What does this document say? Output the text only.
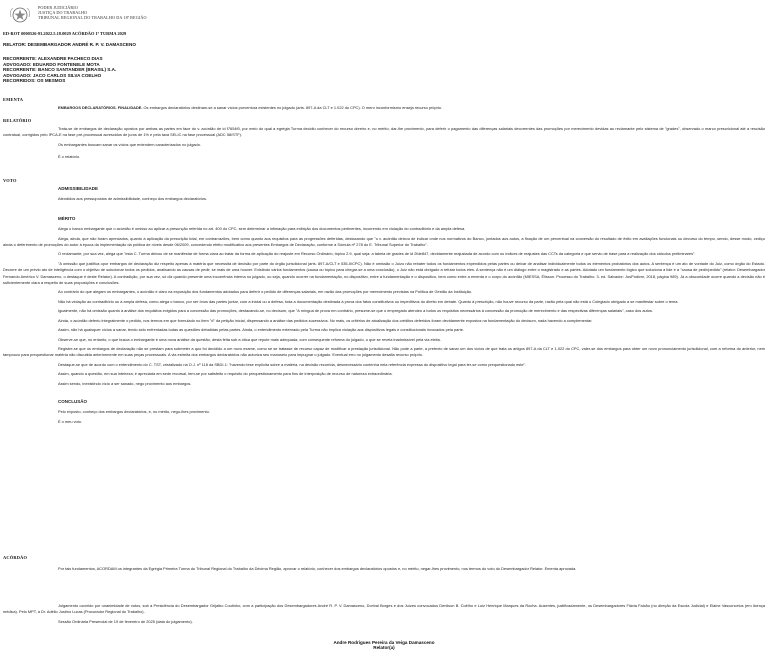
PODER JUDICIÁRIO
JUSTIÇA DO TRABALHO
TRIBUNAL REGIONAL DO TRABALHO DA 18ª REGIÃO
ED-ROT 0000526-93.2022.5.18.0029 ACÓRDÃO 1ª TURMA 2029
RELATOR: DESEMBARGADOR ANDRÉ R. P. V. DAMASCENO
RECORRENTE: ALEXANDRE PACHECO DIAS
ADVOGADO: EDUARDO FONTENELE MOTA
RECORRENTE: BANCO SANTANDER (BRASIL) S.A.
ADVOGADO: JACO CARLOS SILVA COELHO
RECORRIDOS: OS MESMOS
EMENTA
EMBARGOS DECLARATÓRIOS. FINALIDADE. Os embargos declaratórios destinam-se a sanar vícios porventura existentes no julgado (arts. 897-A da CLT e 1.022 do CPC). O mero inconformismo enseja recurso próprio.
RELATÓRIO
Trata-se de embargos de declaração opostos por ambas as partes em face do v. acórdão de id f7654f0, por meio do qual a egrégia Turma decidiu conhecer do recurso obreiro e, no mérito, dar-lhe provimento, para deferir o pagamento das diferenças salariais decorrentes das promoções por merecimento devidas ao reclamante pelo sistema de "grades", observado o marco prescricional até a rescisão contratual, corrigidos pelo IPCA-E na fase pré-processual acrescidos de juros de 1% e pela taxa SELIC na fase processual (ADC 58/STF).
Os embargantes buscam sanar os vícios que entendem caracterizados no julgado.
É o relatório.
VOTO
ADMISSIBILIDADE
Atendidos aos pressupostos de admissibilidade, conheço dos embargos declaratórios.
MÉRITO
Alega o banco embargante que o acórdão é omisso ao aplicar a presunção referida no art. 400 do CPC, sem determinar a intimação para exibição dos documentos pertinentes, incorrendo em violação do contraditório e da ampla defesa.
Alega, ainda, que não foram apreciados, quanto à aplicação da prescrição total, em contrarrazões, bem como quanto aos requisitos para as progressões deferidas, destacando que "o v. acórdão deixou de indicar onde nos normativos do Banco, juntados aos autos, a fixação de um percentual na conversão do resultado de êxito em avaliações funcionais ou decurso do tempo, sendo, desse modo, cediço ainda o deferimento de promoções do autor à época da implementação da política de níveis desde 06/2009, concedendo efeito modificativo aos presentes Embargos de Declaração, conforme a Súmula nº 278 do E. Tribunal Superior do Trabalho".
O reclamante, por sua vez, alega que "esta C. Turma deixou de se manifestar de forma clara ao tratar da forma de aplicação do reajuste em Recurso Ordinário, tópico 2.9, qual seja: a tabela de grades de id 2fde847, devidamente reajustada de acordo com os índices de reajustes das CCTs da categoria e que serviu de base para a realização dos cálculos preliminares".
"A omissão que justifica opor embargos de declaração diz respeito apenas à matéria que necessita de decisão por parte do órgão jurisdicional (arts. 897-A/CLT e 535-II/CPC). Não é omissão o Juízo não rebater todos os fundamentos expendidos pelas partes ou deixar de analisar individualmente todos os elementos probatórios dos autos. A sentença é um ato de vontade do Juiz, como órgão do Estado. Decorre de um prévio ato de inteligência com o objetivo de solucionar todos os pedidos, analisando as causas de pedir, se mais de uma houver. Existindo vários fundamentos (causa ou tópico para chegar-se a uma conclusão), o Juiz não está obrigado a refutar todos eles. A sentença não é um diálogo entre o magistrado e as partes. Adotado um fundamento lógico que soluciona a lide e a "causa de pedir/pedido" (relator: Desembargador Fernando Américo V. Damasceno, o destaque é deste Relator). A contradição, por sua vez, só diz quando presente uma incoerência interna no julgado, ou seja, quando ocorrer na fundamentação, no dispositivo, entre a fundamentação e o dispositivo, bem como entre a ementa e o corpo do acórdão (MIESSA, Élisson. Processo do Trabalho. 3. ed. Salvador: JusPodivm, 2018, página 989). Já a obscuridade ocorre quando a decisão não é suficientemente clara a respeito de suas proposições e conclusões.
Ao contrário do que alegam os embargantes, o acórdão é claro na exposição dos fundamentos adotados para deferir o pedido de diferenças salariais, em razão das promoções por merecimento previstas na Política de Gestão da Instituição.
Não há violação ao contraditório ou à ampla defesa, como alega o banco, por ser ônus das partes juntar, com a inicial ou a defesa, toda a documentação destinada à prova dos fatos constitutivos ou impeditivos do direito em debate. Quanto à prescrição, não houve recurso da parte, razão pela qual não está o Colegiado obrigado a se manifestar sobre o tema.
Igualmente, não há omissão quanto à análise dos requisitos exigidos para a concessão das promoções, destacando-se, no decisum, que "A míngua de prova em contrário, presume-se que o empregado atendeu a todos os requisitos necessários à concessão da promoção de merecimento e das respectivas diferenças salariais", caso dos autos.
Ainda, o acórdão deferiu integralmente o pedido, nos termos em que formulado no item "d" da petição inicial, dispensando a análise das pedidos sucessivos. No mais, os critérios de atualização dos créditos deferidos foram devidamente expostos na fundamentação do decisum, nada havendo a complementar.
Assim, não há quaisquer vícios a sanar, tendo sido enfrentadas todas as questões debatidas pelas partes. Ainda, o entendimento externado pela Turma não implica violação aos dispositivos legais e constitucionais invocados pela parte.
Observe-se que, no entanto, o que busca o embargante é uma nova análise da questão, desta feita sob a ótica que repute mais adequada, com consequente reforma do julgado, o que se revela inadmissível pela via eleita.
Registre-se que os embargos de declaração não se prestam para submeter a quo foi decidido a um novo exame, como se se tratasse de recurso capaz de modificar a prestação jurisdicional. Não pode a parte, a pretexto de sanar um dos vícios de que trata os artigos 897-A da CLT e 1.022 do CPC, valer-se dos embargos para obter um novo pronunciamento jurisdicional, com a reforma do anterior, nem tampouco para prequestionar matéria não discutida anteriormente em suas peças processuais. A via estreita dos embargos declaratórios não autoriza seu manuseio para impugnar o julgado. Eventual erro no julgamento desafia recurso próprio.
Destaque-se que de acordo com o entendimento do C. TST, cristalizado na O.J. nº 118 da SBDI-1: "havendo tese explícita sobre a matéria, na decisão recorrida, desnecessário contenha nela referência expressa do dispositivo legal para ter-se como prequestionado este".
Assim, quando a questão, em sua inteireza, é apreciada em sede recursal, tem-se por satisfeito o requisito do prequestionamento para fins de interposição de recurso de natureza extraordinária.
Assim sendo, inexistindo vício a ser sanado, nego provimento aos embargos.
CONCLUSÃO
Pelo exposto, conheço dos embargos declaratórios, e, no mérito, nego-lhes provimento.
É o meu voto.
ACÓRDÃO
Por tais fundamentos, ACORDAM os integrantes da Egrégia Primeira Turma do Tribunal Regional do Trabalho da Décima Região, aprovar o relatório, conhecer dos embargos declaratórios opostos e, no mérito, negar-lhes provimento, nos termos do voto do Desembargador Relator. Ementa aprovada.
Julgamento ocorrido por unanimidade de votos, sob a Presidência do Desembargador Grijalbo Coutinho, com a participação dos Desembargadores André R. P. V. Damasceno, Dorival Borges e dos Juízes convocados Denilson B. Coêlho e Luiz Henrique Marques da Rocha. Ausentes, justificadamente, os Desembargadores Flávia Falcão (no direção da Escola Judicial) e Elaine Vasconcelos (em licença médica). Pelo MPT, a Dr. Adélio Justino Lucas (Procurador Regional do Trabalho).
Sessão Ordinária Presencial de 19 de fevereiro de 2025 (data do julgamento).
Andre Rodrigues Pereira da Veiga Damasceno
Relator(a)
